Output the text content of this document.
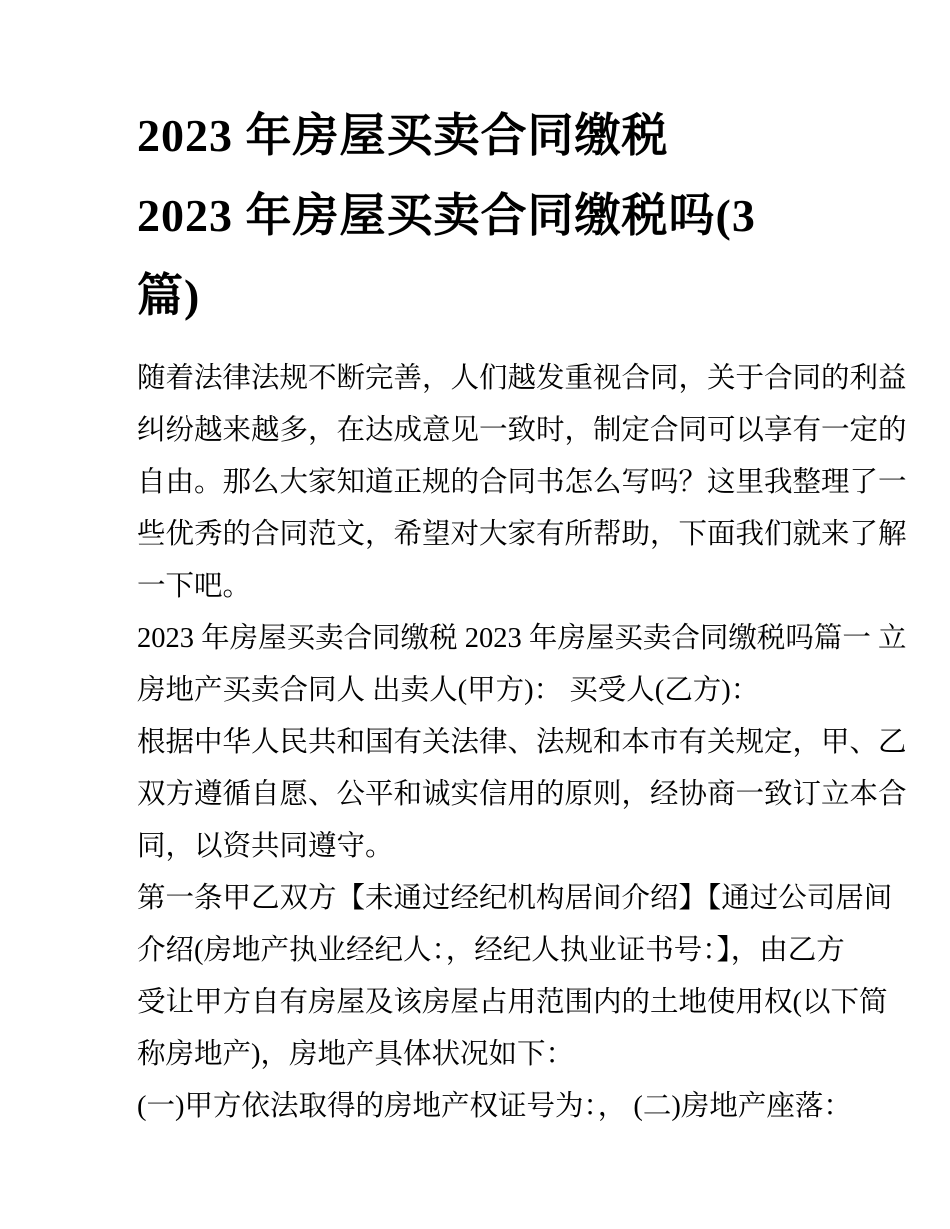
2023 年房屋买卖合同缴税
2023 年房屋买卖合同缴税吗(3
篇)
随着法律法规不断完善，人们越发重视合同，关于合同的利益
纠纷越来越多，在达成意见一致时，制定合同可以享有一定的
自由。那么大家知道正规的合同书怎么写吗？这里我整理了一
些优秀的合同范文，希望对大家有所帮助，下面我们就来了解
一下吧。
2023 年房屋买卖合同缴税 2023 年房屋买卖合同缴税吗篇一 立
房地产买卖合同人 出卖人(甲方)： 买受人(乙方)：
根据中华人民共和国有关法律、法规和本市有关规定，甲、乙
双方遵循自愿、公平和诚实信用的原则，经协商一致订立本合
同，以资共同遵守。
第一条甲乙双方【未通过经纪机构居间介绍】【通过公司居间
介绍(房地产执业经纪人：，经纪人执业证书号：】，由乙方
受让甲方自有房屋及该房屋占用范围内的土地使用权(以下简
称房地产)，房地产具体状况如下：
(一)甲方依法取得的房地产权证号为：， (二)房地产座落：
